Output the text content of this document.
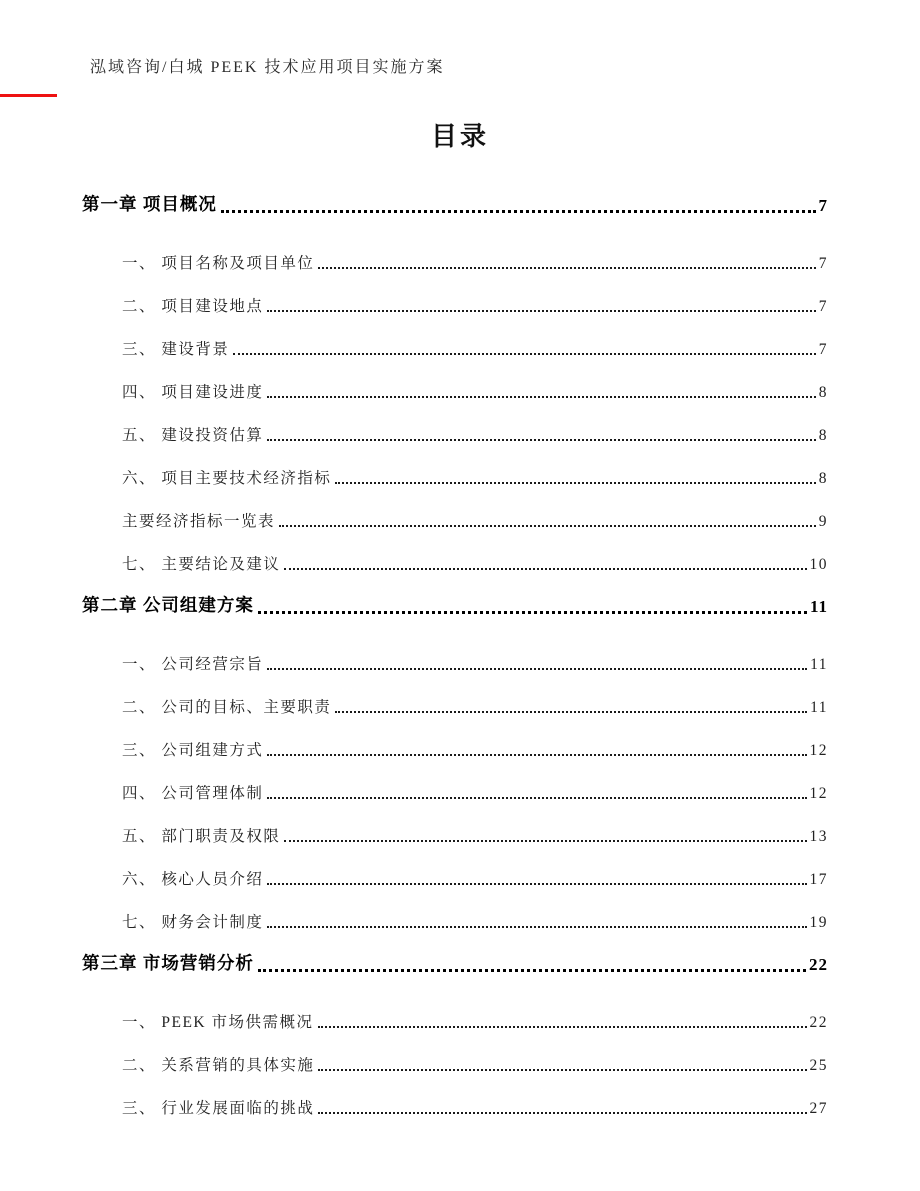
泓域咨询/白城 PEEK 技术应用项目实施方案
目录
第一章 项目概况	7
一、 项目名称及项目单位	7
二、 项目建设地点	7
三、 建设背景	7
四、 项目建设进度	8
五、 建设投资估算	8
六、 项目主要技术经济指标	8
主要经济指标一览表	9
七、 主要结论及建议	10
第二章 公司组建方案	11
一、 公司经营宗旨	11
二、 公司的目标、主要职责	11
三、 公司组建方式	12
四、 公司管理体制	12
五、 部门职责及权限	13
六、 核心人员介绍	17
七、 财务会计制度	19
第三章 市场营销分析	22
一、 PEEK 市场供需概况	22
二、 关系营销的具体实施	25
三、 行业发展面临的挑战	27
